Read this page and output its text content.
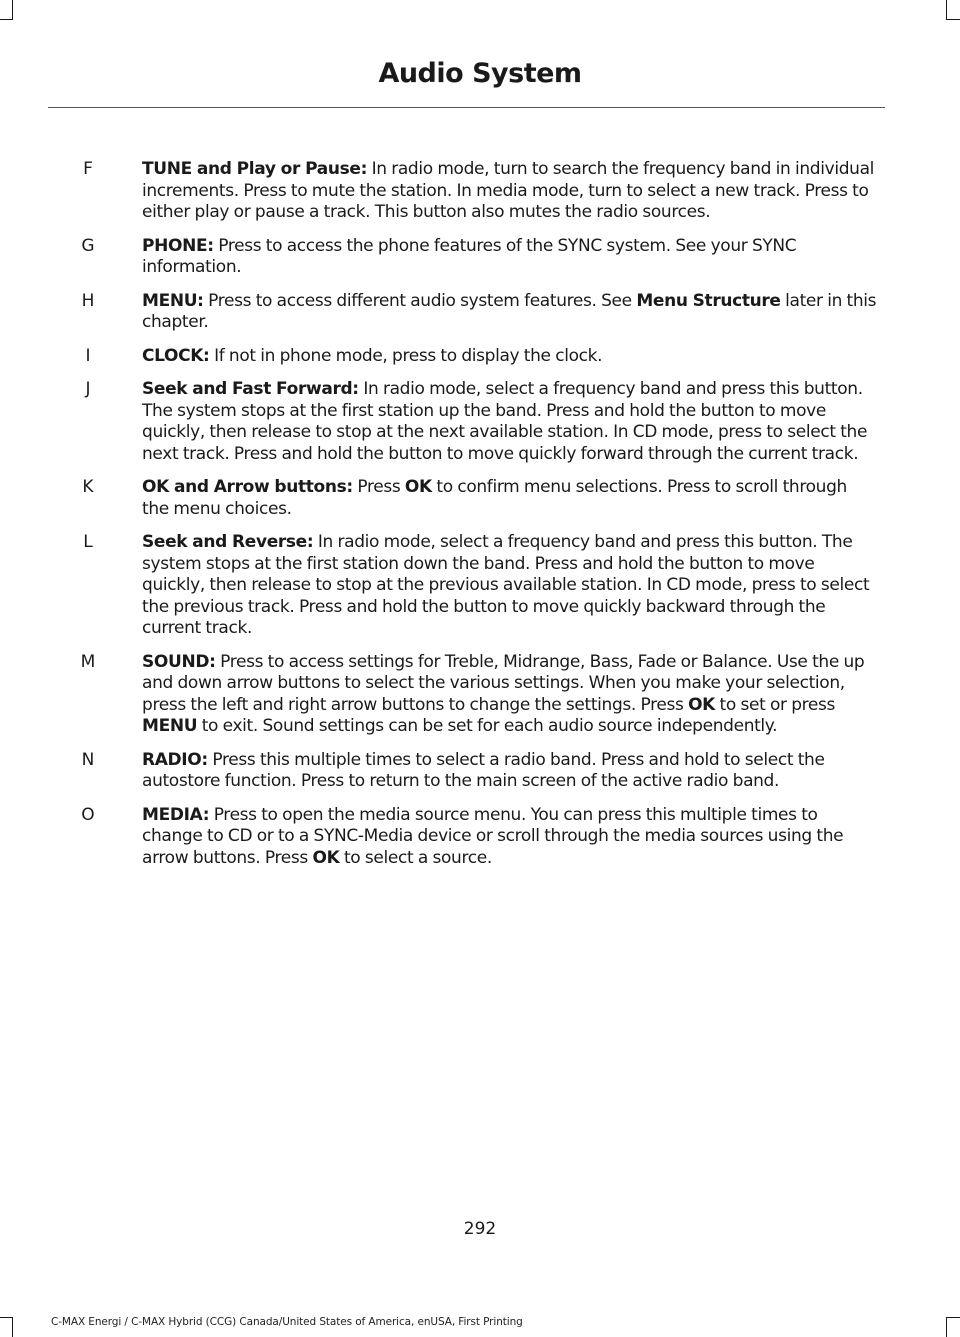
Audio System
F	TUNE and Play or Pause: In radio mode, turn to search the frequency band in individual increments. Press to mute the station. In media mode, turn to select a new track. Press to either play or pause a track. This button also mutes the radio sources.
G	PHONE: Press to access the phone features of the SYNC system. See your SYNC information.
H	MENU: Press to access different audio system features. See Menu Structure later in this chapter.
I	CLOCK: If not in phone mode, press to display the clock.
J	Seek and Fast Forward: In radio mode, select a frequency band and press this button. The system stops at the first station up the band. Press and hold the button to move quickly, then release to stop at the next available station. In CD mode, press to select the next track. Press and hold the button to move quickly forward through the current track.
K	OK and Arrow buttons: Press OK to confirm menu selections. Press to scroll through the menu choices.
L	Seek and Reverse: In radio mode, select a frequency band and press this button. The system stops at the first station down the band. Press and hold the button to move quickly, then release to stop at the previous available station. In CD mode, press to select the previous track. Press and hold the button to move quickly backward through the current track.
M	SOUND: Press to access settings for Treble, Midrange, Bass, Fade or Balance. Use the up and down arrow buttons to select the various settings. When you make your selection, press the left and right arrow buttons to change the settings. Press OK to set or press MENU to exit. Sound settings can be set for each audio source independently.
N	RADIO: Press this multiple times to select a radio band. Press and hold to select the autostore function. Press to return to the main screen of the active radio band.
O	MEDIA: Press to open the media source menu. You can press this multiple times to change to CD or to a SYNC-Media device or scroll through the media sources using the arrow buttons. Press OK to select a source.
292
C-MAX Energi / C-MAX Hybrid (CCG) Canada/United States of America, enUSA, First Printing
